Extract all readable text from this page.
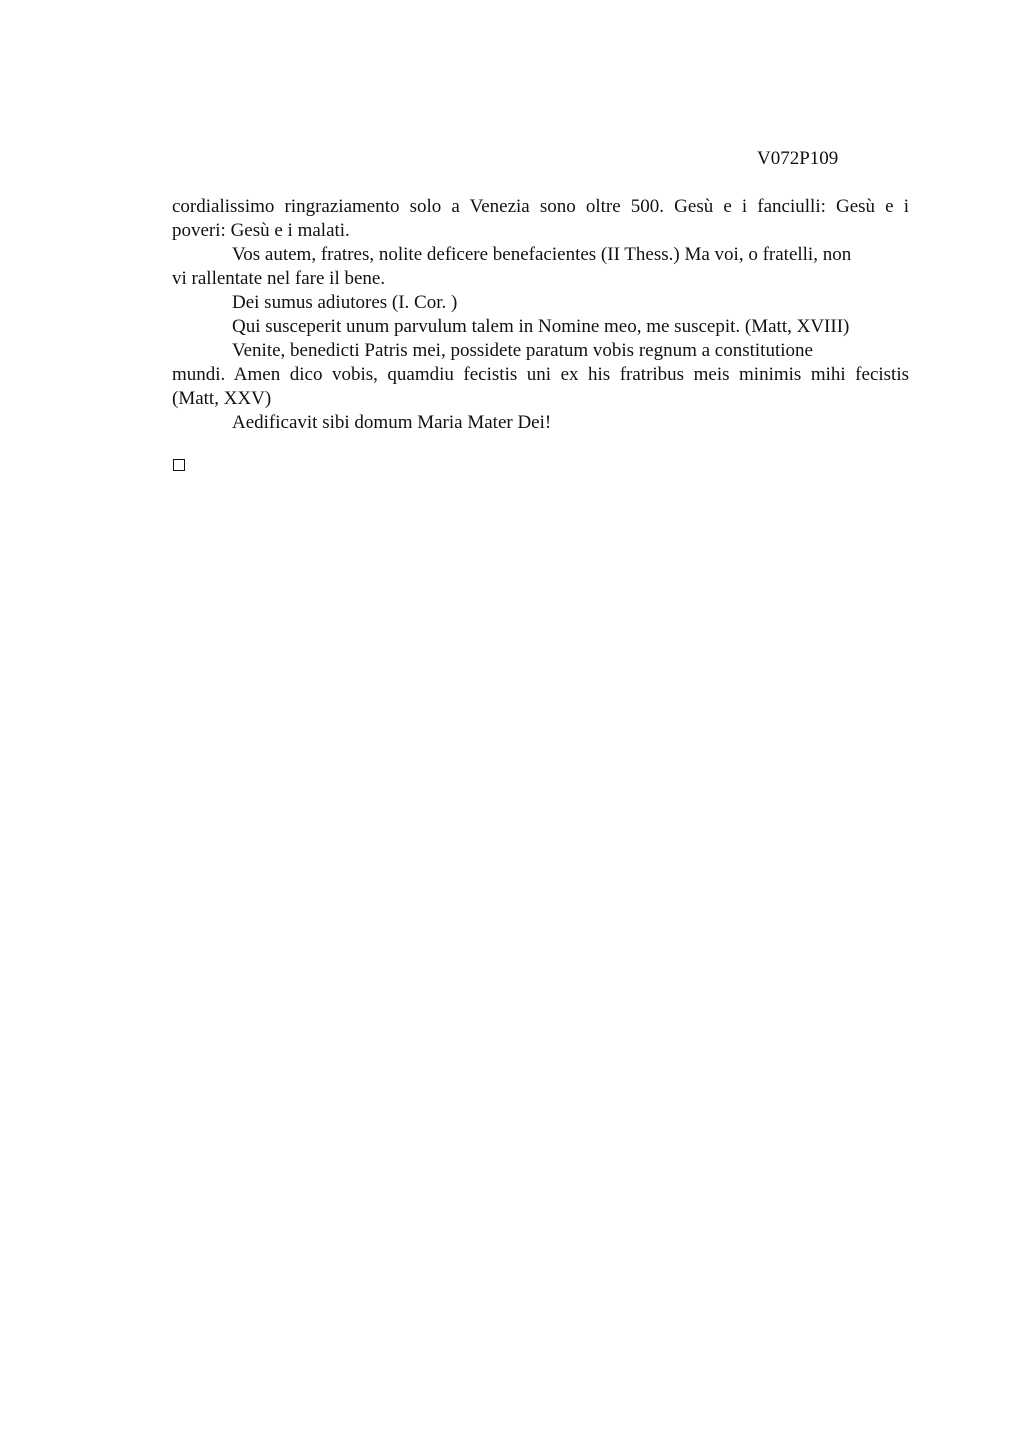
V072P109
cordialissimo ringraziamento solo a Venezia sono oltre 500. Gesù e i fanciulli: Gesù e i
poveri: Gesù e i malati.
Vos autem, fratres, nolite deficere benefacientes (II Thess.) Ma voi, o fratelli, non
vi rallentate nel fare il bene.
Dei sumus adiutores (I. Cor. )
Qui susceperit unum parvulum talem in Nomine meo, me suscepit. (Matt, XVIII)
Venite, benedicti Patris mei, possidete paratum vobis regnum a constitutione
mundi. Amen dico vobis, quamdiu fecistis uni ex his fratribus meis minimis mihi fecistis
(Matt, XXV)
Aedificavit sibi domum Maria Mater Dei!
